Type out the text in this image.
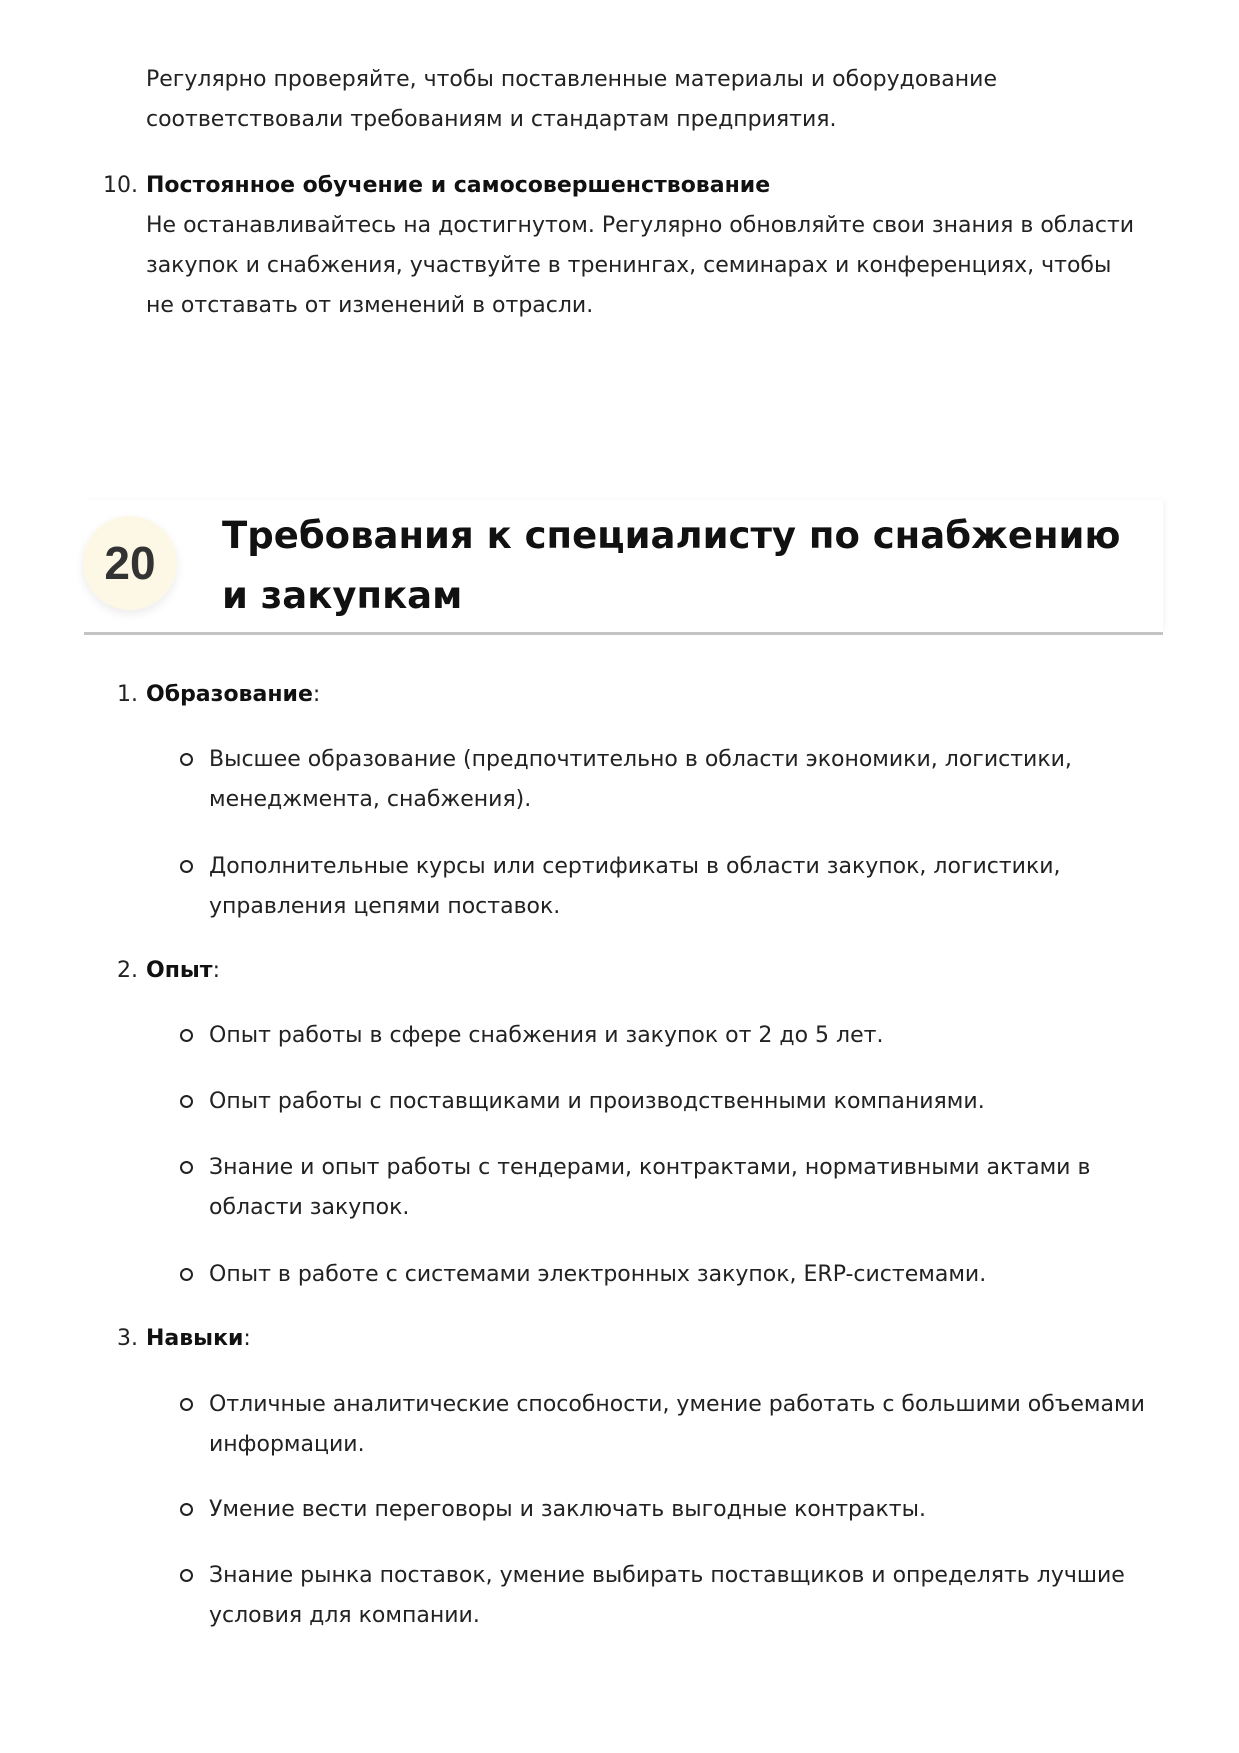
Регулярно проверяйте, чтобы поставленные материалы и оборудование соответствовали требованиям и стандартам предприятия.
10. Постоянное обучение и самосовершенствование
Не останавливайтесь на достигнутом. Регулярно обновляйте свои знания в области закупок и снабжения, участвуйте в тренингах, семинарах и конференциях, чтобы не отставать от изменений в отрасли.
20
Требования к специалисту по снабжению и закупкам
1. Образование:
Высшее образование (предпочтительно в области экономики, логистики, менеджмента, снабжения).
Дополнительные курсы или сертификаты в области закупок, логистики, управления цепями поставок.
2. Опыт:
Опыт работы в сфере снабжения и закупок от 2 до 5 лет.
Опыт работы с поставщиками и производственными компаниями.
Знание и опыт работы с тендерами, контрактами, нормативными актами в области закупок.
Опыт в работе с системами электронных закупок, ERP-системами.
3. Навыки:
Отличные аналитические способности, умение работать с большими объемами информации.
Умение вести переговоры и заключать выгодные контракты.
Знание рынка поставок, умение выбирать поставщиков и определять лучшие условия для компании.
